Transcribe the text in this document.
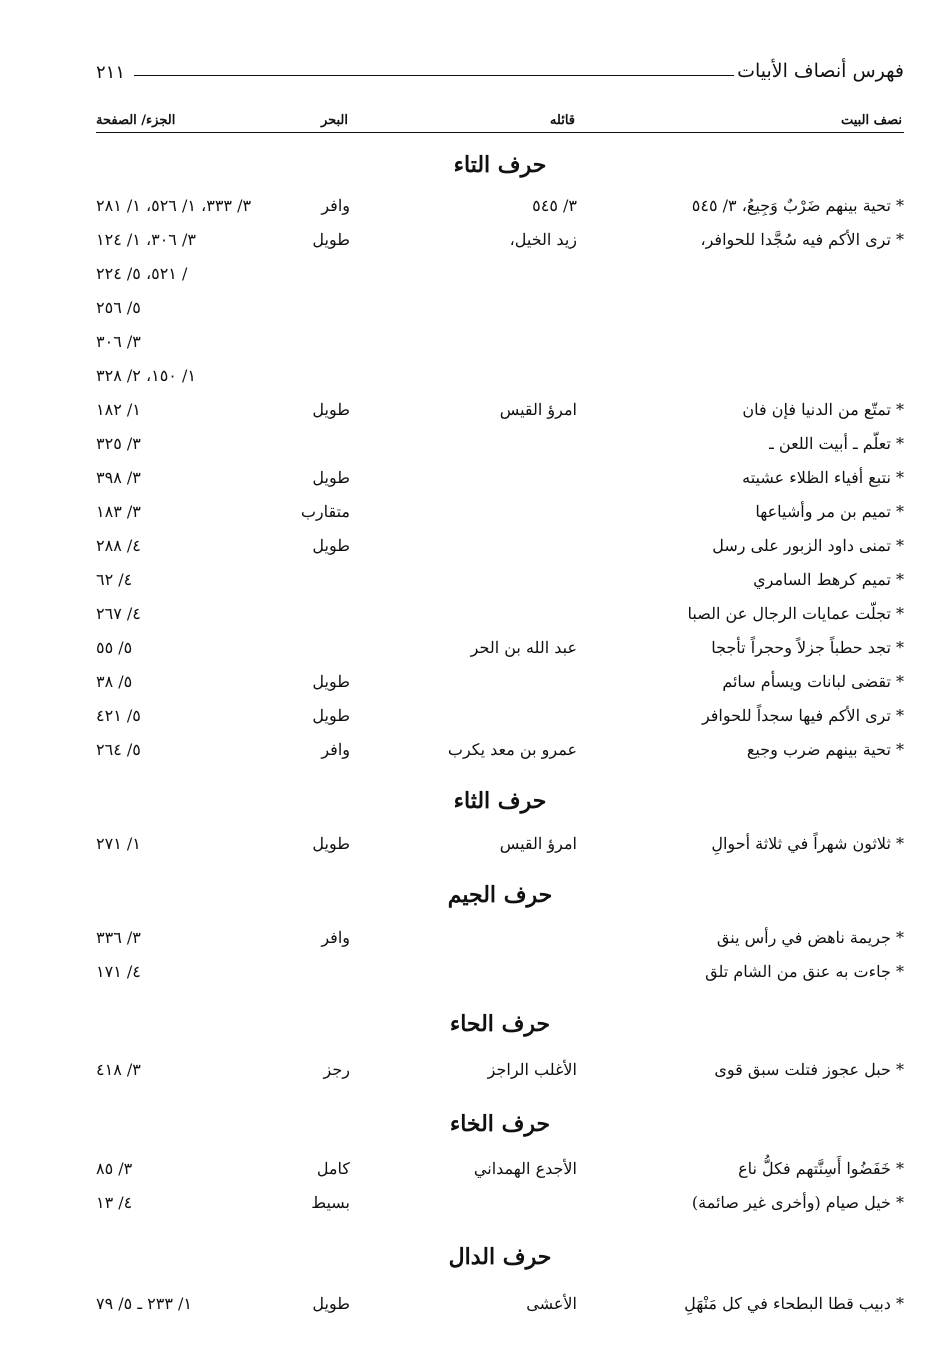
فهرس أنصاف الأبيات
٢١١
نصف البيت
قائله
البحر
الجزء/ الصفحة
حرف التاء
* تحية بينهم ضَرْبٌ وَجِيعُ، ٣/ ٥٤٥
٣/ ٥٤٥
وافر
٣/ ٣٣٣، ١/ ٥٢٦، ١/ ٢٨١
* ترى الأكم فيه سُجَّدا للحوافر،
زيد الخيل،
طويل
٣/ ٣٠٦، ١/ ١٢٤
/ ٥٢١، ٥/ ٢٢٤
٥/ ٢٥٦
٣/ ٣٠٦
١/ ١٥٠، ٢/ ٣٢٨
* تمتّع من الدنيا فإن فان
امرؤ القيس
طويل
١/ ١٨٢
* تعلّم ـ أبيت اللعن ـ
٣/ ٣٢٥
* نتبع أفياء الظلاء عشيته
طويل
٣/ ٣٩٨
* تميم بن مر وأشياعها
متقارب
٣/ ١٨٣
* تمنى داود الزبور على رسل
طويل
٤/ ٢٨٨
* تميم كرهط السامري
٤/ ٦٢
* تجلّت عمايات الرجال عن الصبا
٤/ ٢٦٧
* تجد حطباً جزلاً وحجراً تأججا
عبد الله بن الحر
٥/ ٥٥
* تقضى لبانات ويسأم سائم
طويل
٥/ ٣٨
* ترى الأكم فيها سجداً للحوافر
طويل
٥/ ٤٢١
* تحية بينهم ضرب وجيع
عمرو بن معد يكرب
وافر
٥/ ٢٦٤
حرف الثاء
* ثلاثون شهراً في ثلاثة أحوالِ
امرؤ القيس
طويل
١/ ٢٧١
حرف الجيم
* جريمة ناهض في رأس ينق
وافر
٣/ ٣٣٦
* جاءت به عنق من الشام تلق
٤/ ١٧١
حرف الحاء
* حبل عجوز فتلت سبق قوى
الأغلب الراجز
رجز
٣/ ٤١٨
حرف الخاء
* خَفَضُوا أَسِنَّتهم فكلُّ ناع
الأجدع الهمداني
كامل
٣/ ٨٥
* خيل صيام (وأخرى غير صائمة)
بسيط
٤/ ١٣
حرف الدال
* دبيب قطا البطحاء في كل مَنْهَلِ
الأعشى
طويل
١/ ٢٣٣ ـ ٥/ ٧٩
